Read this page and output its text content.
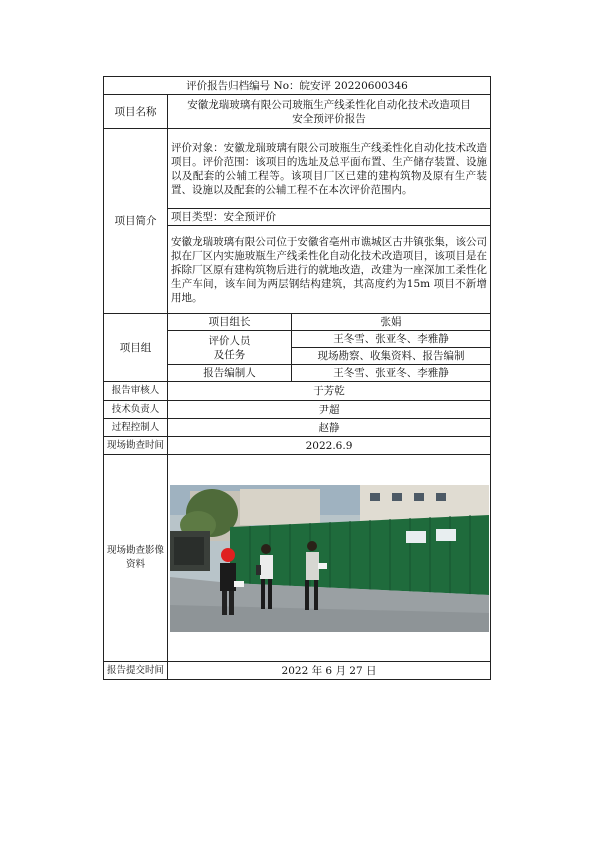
评价报告归档编号 No：皖安评 20220600346		
项目名称	安徽龙瑞玻璃有限公司玻瓶生产线柔性化自动化技术改造项目
安全预评价报告	

项目简介	评价对象：安徽龙瑞玻璃有限公司玻瓶生产线柔性化自动化技术改造项目。评价范围：该项目的选址及总平面布置、生产储存装置、设施以及配套的公辅工程等。该项目厂区已建的建构筑物及原有生产装置、设施以及配套的公辅工程不在本次评价范围内。	
	项目类型：安全预评价	
	安徽龙瑞玻璃有限公司位于安徽省亳州市谯城区古井镇张集，该公司拟在厂区内实施玻瓶生产线柔性化自动化技术改造项目，该项目是在拆除厂区原有建构筑物后进行的就地改造，改建为一座深加工柔性化生产车间，该车间为两层钢结构建筑，其高度约为15m 项目不新增用地。	
项目组	项目组长	张娟

	评价人员
及任务	王冬雪、张亚冬、李雅静
		现场勘察、收集资料、报告编制
	报告编制人	王冬雪、张亚冬、李雅静
报告审核人	于芳乾	
技术负责人	尹超	
过程控制人	赵静	
现场勘查时间	2022.6.9	

现场勘查影像
资料

报告提交时间	2022 年 6 月 27 日	
